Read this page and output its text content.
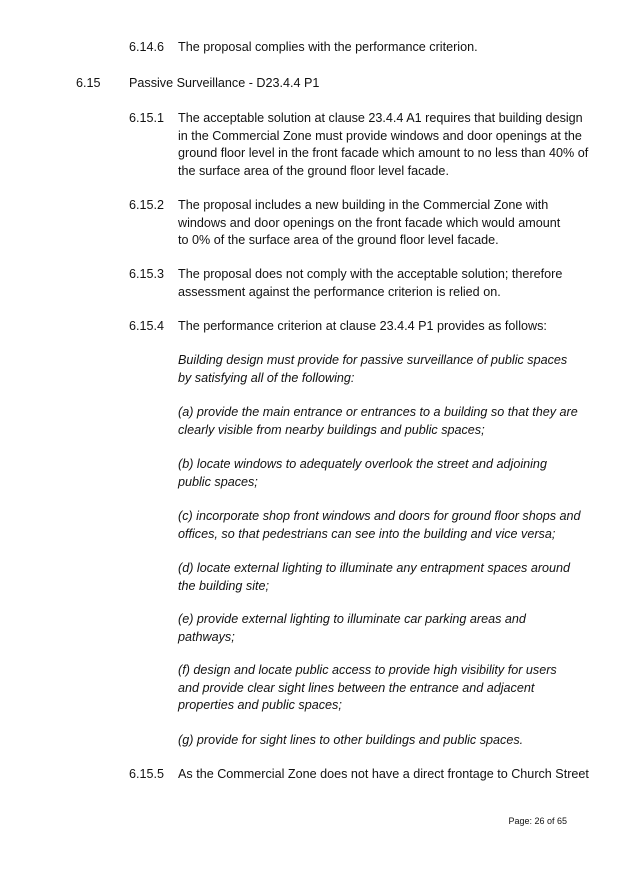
6.14.6 The proposal complies with the performance criterion.
6.15 Passive Surveillance - D23.4.4 P1
6.15.1 The acceptable solution at clause 23.4.4 A1 requires that building design
in the Commercial Zone must provide windows and door openings at the
ground floor level in the front facade which amount to no less than 40% of
the surface area of the ground floor level facade.
6.15.2 The proposal includes a new building in the Commercial Zone with
windows and door openings on the front facade which would amount
to 0% of the surface area of the ground floor level facade.
6.15.3 The proposal does not comply with the acceptable solution; therefore
assessment against the performance criterion is relied on.
6.15.4 The performance criterion at clause 23.4.4 P1 provides as follows:
Building design must provide for passive surveillance of public spaces
by satisfying all of the following:
(a) provide the main entrance or entrances to a building so that they are
clearly visible from nearby buildings and public spaces;
(b) locate windows to adequately overlook the street and adjoining
public spaces;
(c) incorporate shop front windows and doors for ground floor shops and
offices, so that pedestrians can see into the building and vice versa;
(d) locate external lighting to illuminate any entrapment spaces around
the building site;
(e) provide external lighting to illuminate car parking areas and
pathways;
(f) design and locate public access to provide high visibility for users
and provide clear sight lines between the entrance and adjacent
properties and public spaces;
(g) provide for sight lines to other buildings and public spaces.
6.15.5 As the Commercial Zone does not have a direct frontage to Church Street
Page: 26 of 65
